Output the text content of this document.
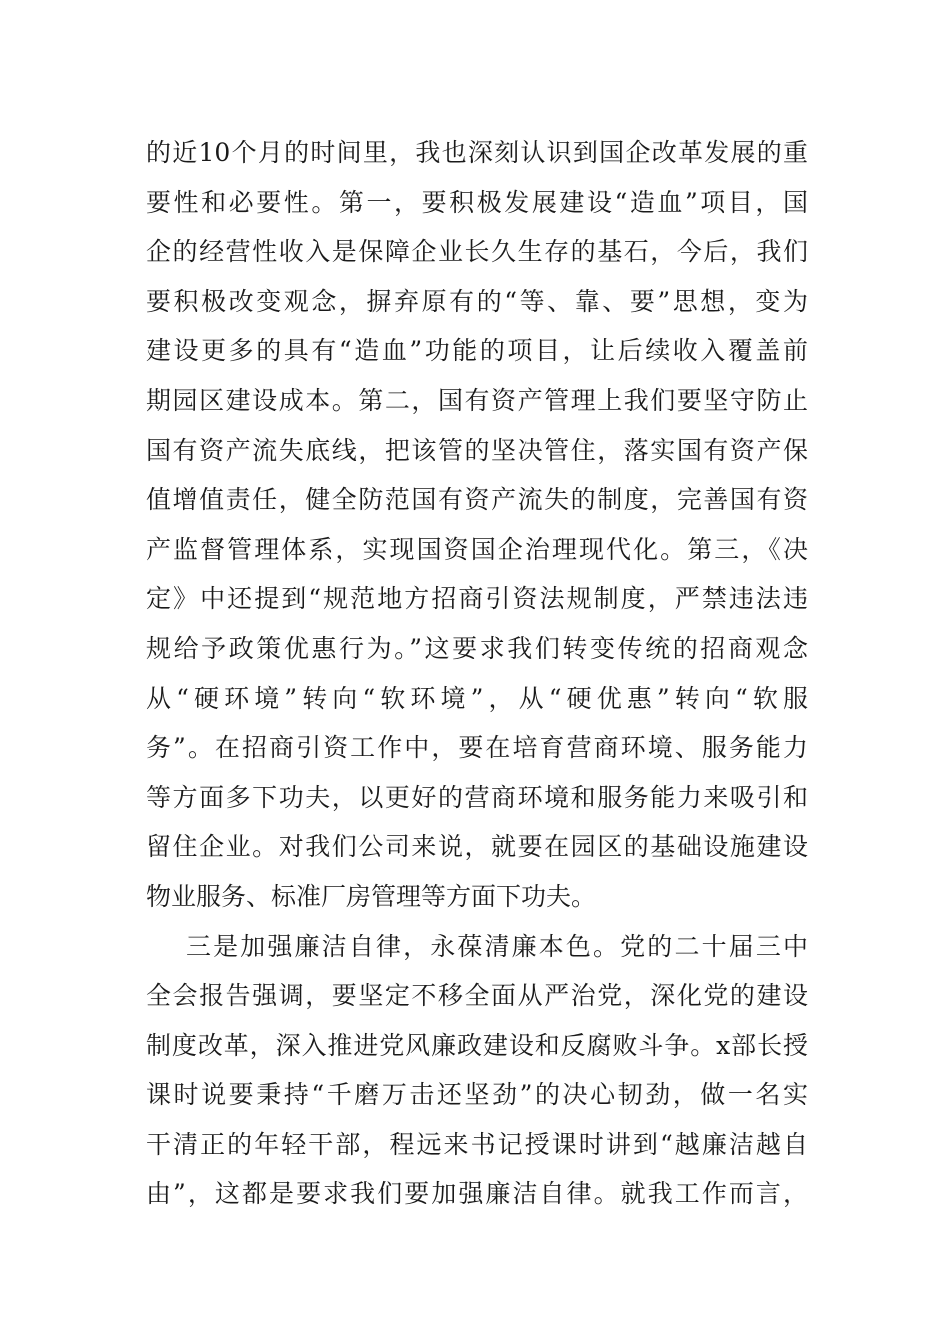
的近10个月的时间里，我也深刻认识到国企改革发展的重
要性和必要性。第一，要积极发展建设“造血”项目，国
企的经营性收入是保障企业长久生存的基石，今后，我们
要积极改变观念，摒弃原有的“等、靠、要”思想，变为
建设更多的具有“造血”功能的项目，让后续收入覆盖前
期园区建设成本。第二，国有资产管理上我们要坚守防止
国有资产流失底线，把该管的坚决管住，落实国有资产保
值增值责任，健全防范国有资产流失的制度，完善国有资
产监督管理体系，实现国资国企治理现代化。第三，《决
定》中还提到“规范地方招商引资法规制度，严禁违法违
规给予政策优惠行为。”这要求我们转变传统的招商观念
从“硬环境”转向“软环境”，从“硬优惠”转向“软服
务”。在招商引资工作中，要在培育营商环境、服务能力
等方面多下功夫，以更好的营商环境和服务能力来吸引和
留住企业。对我们公司来说，就要在园区的基础设施建设
物业服务、标准厂房管理等方面下功夫。
三是加强廉洁自律，永葆清廉本色。党的二十届三中
全会报告强调，要坚定不移全面从严治党，深化党的建设
制度改革，深入推进党风廉政建设和反腐败斗争。x部长授
课时说要秉持“千磨万击还坚劲”的决心韧劲，做一名实
干清正的年轻干部，程远来书记授课时讲到“越廉洁越自
由”，这都是要求我们要加强廉洁自律。就我工作而言，
